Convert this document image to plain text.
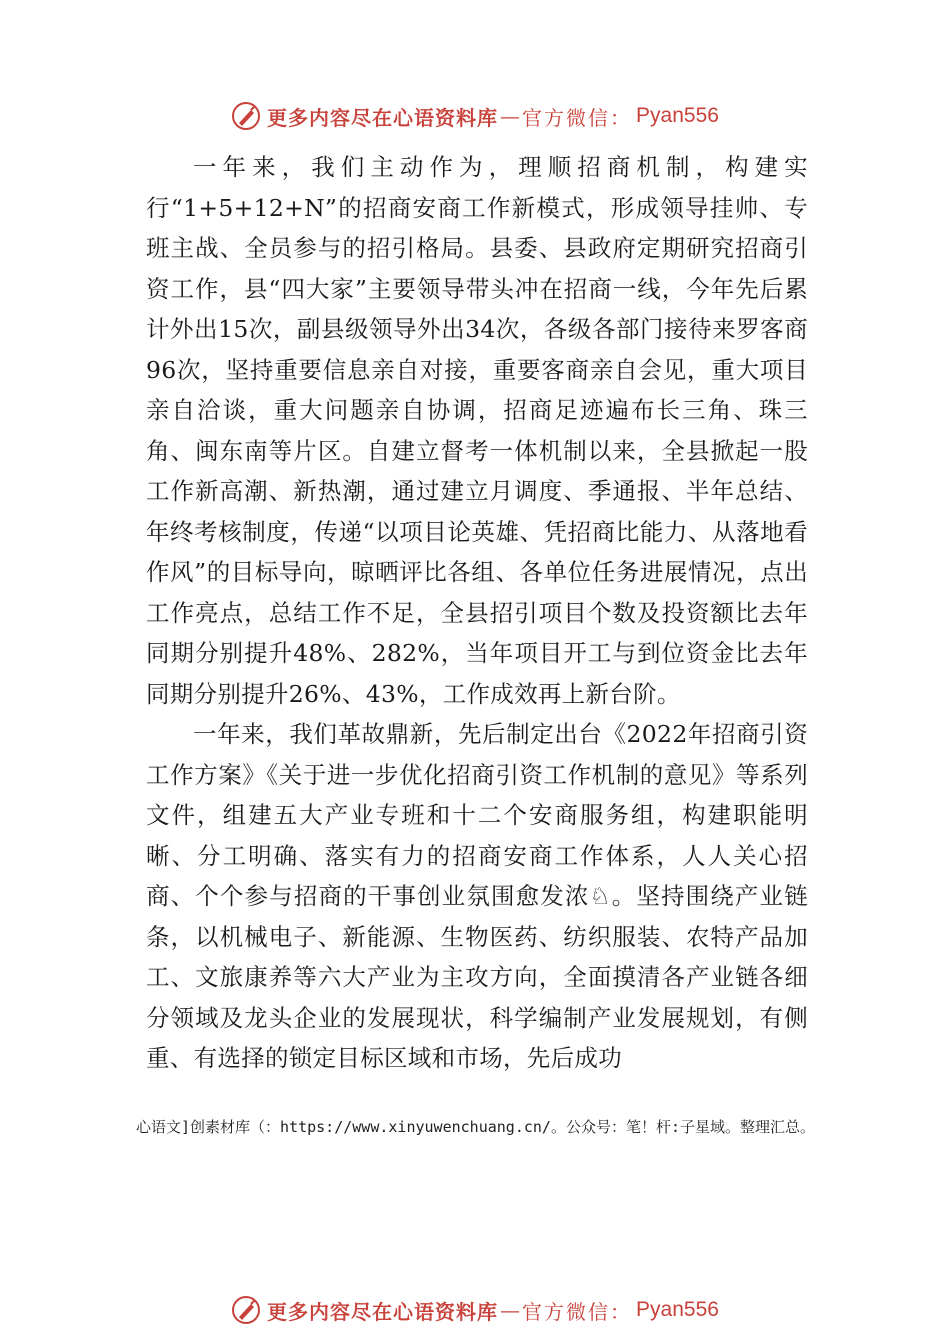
更多内容尽在心语资料库 — 官方微信： Pyan556

一年来，我们主动作为，理顺招商机制，构建实行“1+5+12+N”的招商安商工作新模式，形成领导挂帅、专班主战、全员参与的招引格局。县委、县政府定期研究招商引资工作，县“四大家”主要领导带头冲在招商一线，今年先后累计外出15次，副县级领导外出34次，各级各部门接待来罗客商96次，坚持重要信息亲自对接，重要客商亲自会见，重大项目亲自洽谈，重大问题亲自协调，招商足迹遍布长三角、珠三角、闽东南等片区。自建立督考一体机制以来，全县掀起一股工作新高潮、新热潮，通过建立月调度、季通报、半年总结、年终考核制度，传递“以项目论英雄、凭招商比能力、从落地看作风”的目标导向，晾晒评比各组、各单位任务进展情况，点出工作亮点，总结工作不足，全县招引项目个数及投资额比去年同期分别提升48%、282%，当年项目开工与到位资金比去年同期分别提升26%、43%，工作成效再上新台阶。

一年来，我们革故鼎新，先后制定出台《2022年招商引资工作方案》《关于进一步优化招商引资工作机制的意见》等系列文件，组建五大产业专班和十二个安商服务组，构建职能明晰、分工明确、落实有力的招商安商工作体系，人人关心招商、个个参与招商的干事创业氛围愈发浓♘。坚持围绕产业链条，以机械电子、新能源、生物医药、纺织服装、农特产品加工、文旅康养等六大产业为主攻方向，全面摸清各产业链各细分领域及龙头企业的发展现状，科学编制产业发展规划，有侧重、有选择的锁定目标区域和市场，先后成功

心语文]创素材库（：https://www.xinyuwenchuang.cn/。公众号：笔！杆:子星域。整理汇总。
更多内容尽在心语资料库 — 官方微信： Pyan556
